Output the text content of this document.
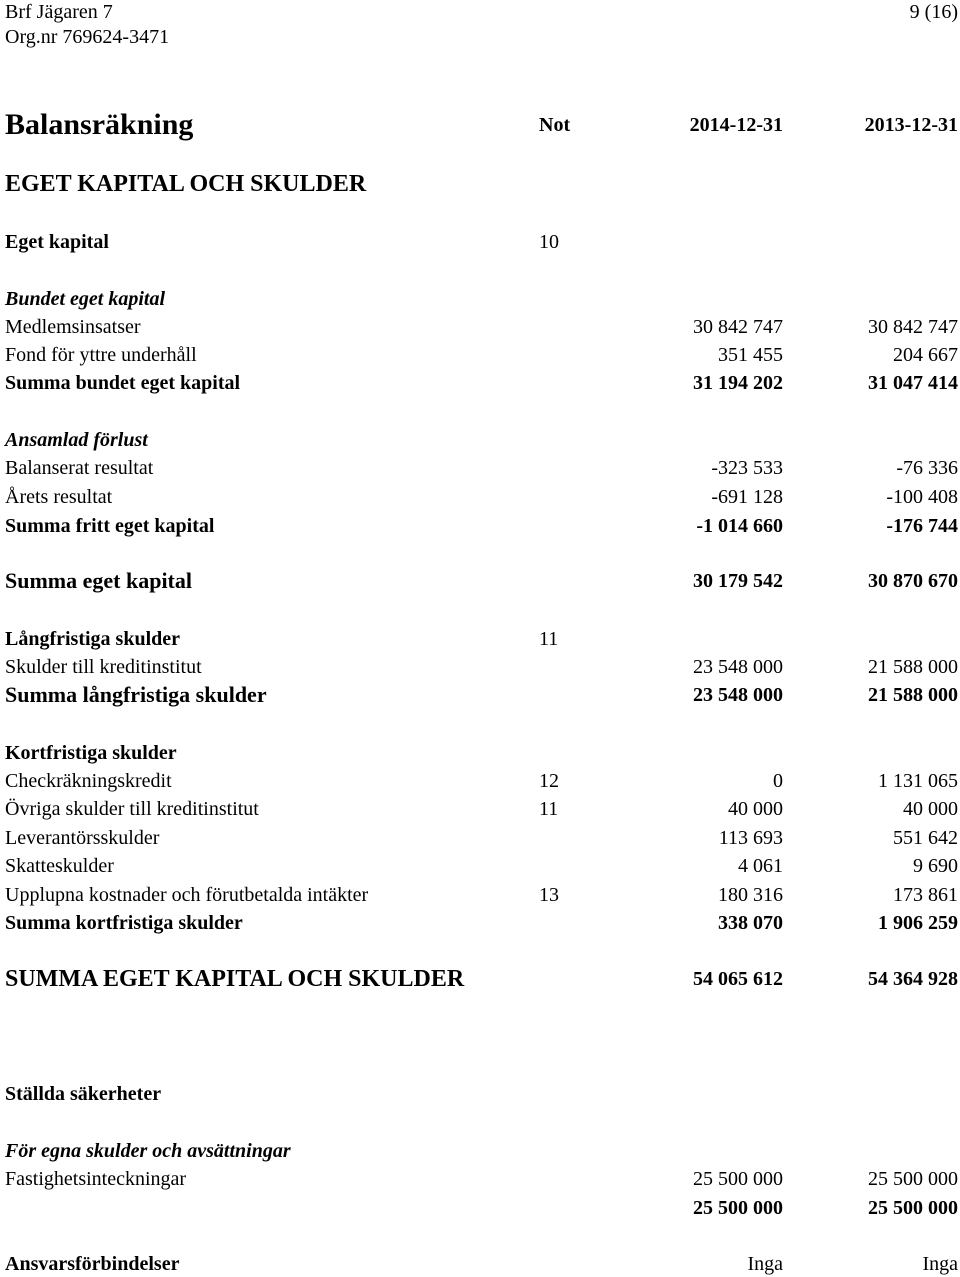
Brf Jägaren 7
Org.nr 769624-3471
9 (16)
Balansräkning	Not	2014-12-31	2013-12-31
EGET KAPITAL OCH SKULDER
Eget kapital	10
Bundet eget kapital
Medlemsinsatser	30 842 747	30 842 747
Fond för yttre underhåll	351 455	204 667
Summa bundet eget kapital	31 194 202	31 047 414
Ansamlad förlust
Balanserat resultat	-323 533	-76 336
Årets resultat	-691 128	-100 408
Summa fritt eget kapital	-1 014 660	-176 744
Summa eget kapital	30 179 542	30 870 670
Långfristiga skulder	11
Skulder till kreditinstitut	23 548 000	21 588 000
Summa långfristiga skulder	23 548 000	21 588 000
Kortfristiga skulder
Checkräkningskredit	12	0	1 131 065
Övriga skulder till kreditinstitut	11	40 000	40 000
Leverantörsskulder	113 693	551 642
Skatteskulder	4 061	9 690
Upplupna kostnader och förutbetalda intäkter	13	180 316	173 861
Summa kortfristiga skulder	338 070	1 906 259
SUMMA EGET KAPITAL OCH SKULDER	54 065 612	54 364 928
Ställda säkerheter
För egna skulder och avsättningar
Fastighetsinteckningar	25 500 000	25 500 000
25 500 000	25 500 000
Ansvarsförbindelser	Inga	Inga
